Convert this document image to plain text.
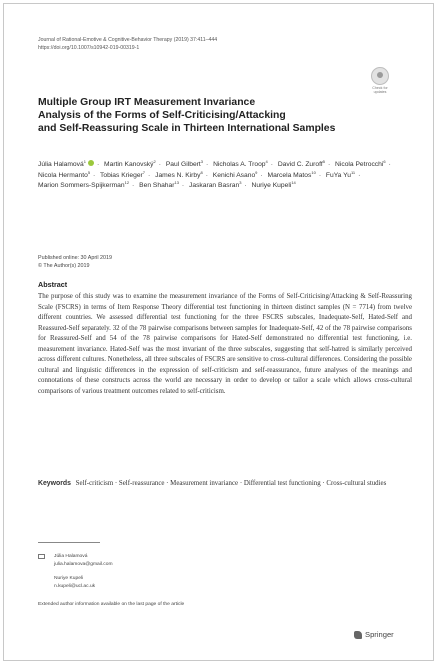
Journal of Rational-Emotive & Cognitive-Behavior Therapy (2019) 37:411–444
https://doi.org/10.1007/s10942-019-00319-1
Check for updates
Multiple Group IRT Measurement Invariance
Analysis of the Forms of Self-Criticising/Attacking
and Self-Reassuring Scale in Thirteen International Samples
Júlia Halamová$^1$ · Martin Kanovský$^2$ · Paul Gilbert$^3$ · Nicholas A. Troop$^4$ · David C. Zuroff$^5$ · Nicola Petrocchi$^6$ · Nicola Hermanto$^5$ · Tobias Krieger$^7$ · James N. Kirby$^8$ · Kenichi Asano$^9$ · Marcela Matos$^{10}$ · FuYa $Yu^{11}$ · Marion Sommers-Spijkerman$^{12}$ · Ben Shahar$^{13}$ · Jaskaran Basran$^3$ · Nuriye Kupeli$^{14}$
Published online: 30 April 2019
© The Author(s) 2019
Abstract
The purpose of this study was to examine the measurement invariance of the Forms of Self-Criticising/Attacking & Self-Reassuring Scale (FSCRS) in terms of Item Response Theory differential test functioning in thirteen distinct samples (N = 7714) from twelve different countries. We assessed differential test functioning for the three FSCRS subscales, Inadequate-Self, Hated-Self and Reassured-Self separately. 32 of the 78 pairwise comparisons between samples for Inadequate-Self, 42 of the 78 pairwise comparisons for Reassured-Self and 54 of the 78 pairwise comparisons for Hated-Self demonstrated no differential test functioning, i.e. measurement invariance. Hated-Self was the most invariant of the three subscales, suggesting that self-hatred is similarly perceived across different cultures. Nonetheless, all three subscales of FSCRS are sensitive to cross-cultural differences. Considering the possible cultural and linguistic differences in the expression of self-criticism and self-reassurance, future analyses of the meanings and connotations of these constructs across the world are necessary in order to develop or tailor a scale which allows cross-cultural comparisons of various treatment outcomes related to self-criticism.
Keywords Self-criticism · Self-reassurance · Measurement invariance · Differential test functioning · Cross-cultural studies
Júlia Halamová
julia.halamova@gmail.com
Nuriye Kupeli
n.kupeli@ucl.ac.uk
Extended author information available on the last page of the article
Springer
